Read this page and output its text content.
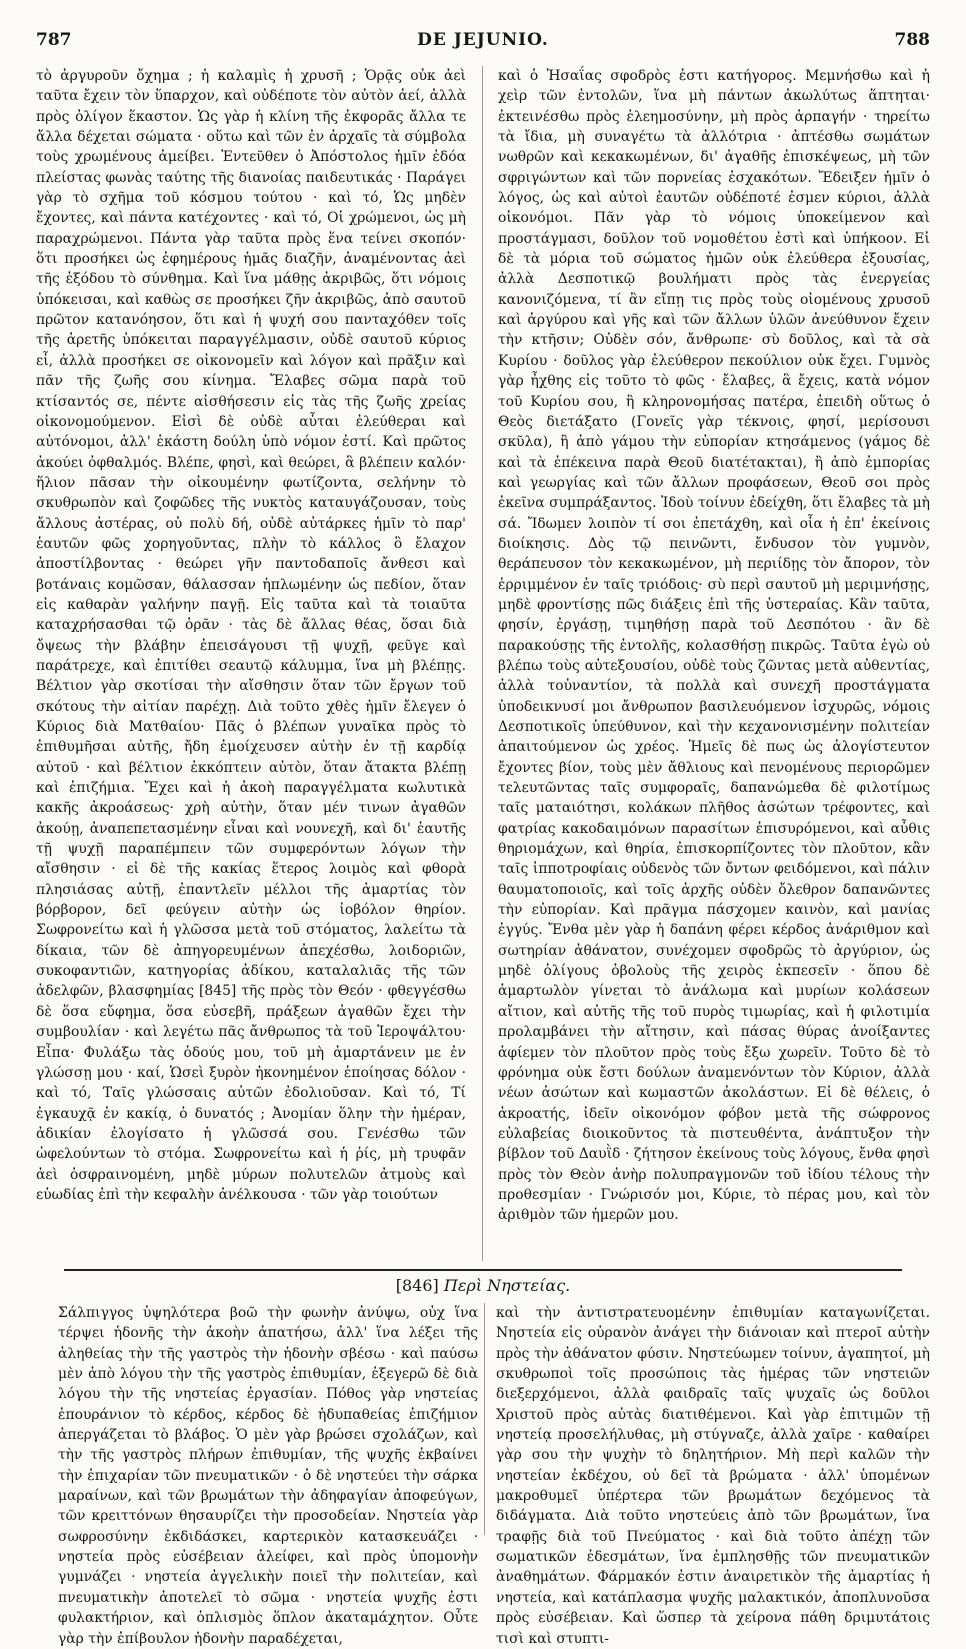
787	DE JEJUNIO.	788

τὸ ἀργυροῦν ὄχημα ; ἡ καλαμὶς ἡ χρυσῆ ; Ὁρᾷς οὐκ ἀεὶ ταῦτα ἔχειν τὸν ὕπαρχον, καὶ οὐδέποτε τὸν αὐτὸν ἀεί, ἀλλὰ πρὸς ὀλίγον ἕκαστον. Ὡς γὰρ ἡ κλίνη τῆς ἐκφορᾶς ἄλλα τε ἄλλα δέχεται σώματα · οὕτω καὶ τῶν ἐν ἀρχαῖς τὰ σύμβολα τοὺς χρωμένους ἀμείβει. Ἐντεῦθεν ὁ Ἀπόστολος ἡμῖν ἐδόα πλείστας φωνὰς ταύτης τῆς διανοίας παιδευτικάς · Παράγει γὰρ τὸ σχῆμα τοῦ κόσμου τούτου · καὶ τό, Ὡς μηδὲν ἔχοντες, καὶ πάντα κατέχοντες · καὶ τό, Οἱ χρώμενοι, ὡς μὴ παραχρώμενοι. Πάντα γὰρ ταῦτα πρὸς ἕνα τείνει σκοπόν· ὅτι προσήκει ὡς ἐφημέρους ἡμᾶς διαζῆν, ἀναμένοντας ἀεὶ τῆς ἐξόδου τὸ σύνθημα. Καὶ ἵνα μάθῃς ἀκριβῶς, ὅτι νόμοις ὑπόκεισαι, καὶ καθὼς σε προσήκει ζῆν ἀκριβῶς, ἀπὸ σαυτοῦ πρῶτον κατανόησον, ὅτι καὶ ἡ ψυχή σου πανταχόθεν τοῖς τῆς ἀρετῆς ὑπόκειται παραγγέλμασιν, οὐδὲ σαυτοῦ κύριος εἶ, ἀλλὰ προσήκει σε οἰκονομεῖν καὶ λόγον καὶ πρᾶξιν καὶ πᾶν τῆς ζωῆς σου κίνημα. Ἔλαβες σῶμα παρὰ τοῦ κτίσαντός σε, πέντε αἰσθήσεσιν εἰς τὰς τῆς ζωῆς χρείας οἰκονομούμενον. Εἰσὶ δὲ οὐδὲ αὗται ἐλεύθεραι καὶ αὐτόνομοι, ἀλλ' ἑκάστη δούλη ὑπὸ νόμον ἐστί. Καὶ πρῶτος ἀκούει ὀφθαλμός. Βλέπε, φησὶ, καὶ θεώρει, ἃ βλέπειν καλόν· ἥλιον πᾶσαν τὴν οἰκουμένην φωτίζοντα, σελήνην τὸ σκυθρωπὸν καὶ ζοφῶδες τῆς νυκτὸς καταυγάζουσαν, τοὺς ἄλλους ἀστέρας, οὐ πολὺ δή, οὐδὲ αὐτάρκες ἡμῖν τὸ παρ' ἑαυτῶν φῶς χορηγοῦντας, πλὴν τὸ κάλλος ὃ ἔλαχον ἀποστίλβοντας · θεώρει γῆν παντοδαποῖς ἄνθεσι καὶ βοτάναις κομῶσαν, θάλασσαν ἡπλωμένην ὡς πεδίον, ὅταν εἰς καθαρὰν γαλήνην παγῇ. Εἰς ταῦτα καὶ τὰ τοιαῦτα καταχρήσασθαι τῷ ὁρᾶν · τὰς δὲ ἄλλας θέας, ὅσαι διὰ ὄψεως τὴν βλάβην ἐπεισάγουσι τῇ ψυχῇ, φεῦγε καὶ παράτρεχε, καὶ ἐπιτίθει σεαυτῷ κάλυμμα, ἵνα μὴ βλέπῃς. Βέλτιον γὰρ σκοτίσαι τὴν αἴσθησιν ὅταν τῶν ἔργων τοῦ σκότους τὴν αἰτίαν παρέχῃ. Διὰ τοῦτο χθὲς ἡμῖν ἔλεγεν ὁ Κύριος διὰ Ματθαίου· Πᾶς ὁ βλέπων γυναῖκα πρὸς τὸ ἐπιθυμῆσαι αὐτῆς, ἤδη ἐμοίχευσεν αὐτὴν ἐν τῇ καρδίᾳ αὐτοῦ · καὶ βέλτιον ἐκκόπτειν αὐτὸν, ὅταν ἄτακτα βλέπῃ καὶ ἐπιζήμια. Ἔχει καὶ ἡ ἀκοὴ παραγγέλματα κωλυτικὰ κακῆς ἀκροάσεως· χρὴ αὐτὴν, ὅταν μέν τινων ἀγαθῶν ἀκούῃ, ἀναπεπετασμένην εἶναι καὶ νουνεχῆ, καὶ δι' ἑαυτῆς τῇ ψυχῇ παραπέμπειν τῶν συμφερόντων λόγων τὴν αἴσθησιν · εἰ δὲ τῆς κακίας ἕτερος λοιμὸς καὶ φθορὰ πλησιάσας αὐτῇ, ἐπαντλεῖν μέλλοι τῆς ἁμαρτίας τὸν βόρβορον, δεῖ φεύγειν αὐτὴν ὡς ἰοβόλον θηρίον. Σωφρονείτω καὶ ἡ γλῶσσα μετὰ τοῦ στόματος, λαλείτω τὰ δίκαια, τῶν δὲ ἀπηγορευμένων ἀπεχέσθω, λοιδοριῶν, συκοφαντιῶν, κατηγορίας ἀδίκου, καταλαλιᾶς τῆς τῶν ἀδελφῶν, βλασφημίας [845] τῆς πρὸς τὸν Θεόν · φθεγγέσθω δὲ ὅσα εὔφημα, ὅσα εὐσεβῆ, πράξεων ἀγαθῶν ἔχει τὴν συμβουλίαν · καὶ λεγέτω πᾶς ἄνθρωπος τὰ τοῦ Ἱεροψάλτου· Εἶπα· Φυλάξω τὰς ὁδούς μου, τοῦ μὴ ἁμαρτάνειν με ἐν γλώσσῃ μου · καί, Ὡσεὶ ξυρὸν ἠκονημένον ἐποίησας δόλον · καὶ τό, Ταῖς γλώσσαις αὐτῶν ἐδολιοῦσαν. Καὶ τό, Τί ἐγκαυχᾷ ἐν κακίᾳ, ὁ δυνατός ; Ἀνομίαν ὅλην τὴν ἡμέραν, ἀδικίαν ἐλογίσατο ἡ γλῶσσά σου. Γενέσθω τῶν ὠφελούντων τὸ στόμα. Σωφρονείτω καὶ ἡ ῥίς, μὴ τρυφᾶν ἀεὶ ὀσφραινομένη, μηδὲ μύρων πολυτελῶν ἀτμοὺς καὶ εὐωδίας ἐπὶ τὴν κεφαλὴν ἀνέλκουσα · τῶν γὰρ τοιούτων

καὶ ὁ Ἠσαΐας σφοδρὸς ἐστι κατήγορος. Μεμνήσθω καὶ ἡ χεὶρ τῶν ἐντολῶν, ἵνα μὴ πάντων ἀκωλύτως ἅπτηται· ἐκτεινέσθω πρὸς ἐλεημοσύνην, μὴ πρὸς ἁρπαγήν · τηρείτω τὰ ἴδια, μὴ συναγέτω τὰ ἀλλότρια · ἀπτέσθω σωμάτων νωθρῶν καὶ κεκακωμένων, δι' ἀγαθῆς ἐπισκέψεως, μὴ τῶν σφριγώντων καὶ τῶν πορνείας ἐσχακότων. Ἔδειξεν ἡμῖν ὁ λόγος, ὡς καὶ αὐτοὶ ἑαυτῶν οὐδέποτέ ἐσμεν κύριοι, ἀλλὰ οἰκονόμοι. Πᾶν γὰρ τὸ νόμοις ὑποκείμενον καὶ προστάγμασι, δοῦλον τοῦ νομοθέτου ἐστὶ καὶ ὑπήκοον. Εἰ δὲ τὰ μόρια τοῦ σώματος ἡμῶν οὐκ ἐλεύθερα ἐξουσίας, ἀλλὰ Δεσποτικῷ βουλήματι πρὸς τὰς ἐνεργείας κανονιζόμενα, τί ἂν εἴπῃ τις πρὸς τοὺς οἰομένους χρυσοῦ καὶ ἀργύρου καὶ γῆς καὶ τῶν ἄλλων ὑλῶν ἀνεύθυνον ἔχειν τὴν κτῆσιν; Οὐδὲν σόν, ἄνθρωπε· σὺ δοῦλος, καὶ τὰ σὰ Κυρίου · δοῦλος γὰρ ἐλεύθερον πεκούλιον οὐκ ἔχει. Γυμνὸς γὰρ ἦχθης εἰς τοῦτο τὸ φῶς · ἔλαβες, ἃ ἔχεις, κατὰ νόμον τοῦ Κυρίου σου, ἢ κληρονομήσας πατέρα, ἐπειδὴ οὕτως ὁ Θεὸς διετάξατο (Γονεῖς γὰρ τέκνοις, φησί, μερίσουσι σκῦλα), ἢ ἀπὸ γάμου τὴν εὐπορίαν κτησάμενος (γάμος δὲ καὶ τὰ ἐπέκεινα παρὰ Θεοῦ διατέτακται), ἢ ἀπὸ ἐμπορίας καὶ γεωργίας καὶ τῶν ἄλλων προφάσεων, Θεοῦ σοι πρὸς ἐκεῖνα συμπράξαντος. Ἰδοὺ τοίνυν ἐδείχθη, ὅτι ἔλαβες τὰ μὴ σά. Ἴδωμεν λοιπὸν τί σοι ἐπετάχθη, καὶ οἷα ἡ ἐπ' ἐκείνοις διοίκησις. Δὸς τῷ πεινῶντι, ἔνδυσον τὸν γυμνὸν, θεράπευσον τὸν κεκακωμένον, μὴ περιίδῃς τὸν ἄπορον, τὸν ἐρριμμένον ἐν ταῖς τριόδοις· σὺ περὶ σαυτοῦ μὴ μεριμνήσῃς, μηδὲ φροντίσῃς πῶς διάξεις ἐπὶ τῆς ὑστεραίας. Κἂν ταῦτα, φησίν, ἐργάσῃ, τιμηθήσῃ παρὰ τοῦ Δεσπότου · ἂν δὲ παρακούσῃς τῆς ἐντολῆς, κολασθήσῃ πικρῶς. Ταῦτα ἐγὼ οὐ βλέπω τοὺς αὐτεξουσίου, οὐδὲ τοὺς ζῶντας μετὰ αὐθεντίας, ἀλλὰ τοὐναντίον, τὰ πολλὰ καὶ συνεχῆ προστάγματα ὑποδεικνυσί μοι ἄνθρωπον βασιλευόμενον ἰσχυρῶς, νόμοις Δεσποτικοῖς ὑπεύθυνον, καὶ τὴν κεχανονισμένην πολιτείαν ἀπαιτούμενον ὡς χρέος. Ἡμεῖς δὲ πως ὡς ἀλογίστευτον ἔχοντες βίον, τοὺς μὲν ἄθλιους καὶ πενομένους περιορῶμεν τελευτῶντας ταῖς συμφοραῖς, δαπανώμεθα δὲ φιλοτίμως ταῖς ματαιότησι, κολάκων πλῆθος ἀσώτων τρέφοντες, καὶ φατρίας κακοδαιμόνων παρασίτων ἐπισυρόμενοι, καὶ αὖθις θηριομάχων, καὶ θηρία, ἐπισκορπίζοντες τὸν πλοῦτον, κἂν ταῖς ἱπποτροφίαις οὐδενὸς τῶν ὄντων φειδόμενοι, καὶ πάλιν θαυματοποιοῖς, καὶ τοῖς ἀρχῆς οὐδὲν ὄλεθρον δαπανῶντες τὴν εὐπορίαν. Καὶ πρᾶγμα πάσχομεν καινὸν, καὶ μανίας ἐγγύς. Ἔνθα μὲν γὰρ ἡ δαπάνη φέρει κέρδος ἀνάριθμον καὶ σωτηρίαν ἀθάνατον, συνέχομεν σφοδρῶς τὸ ἀργύριον, ὡς μηδὲ ὀλίγους ὀβολοὺς τῆς χειρὸς ἐκπεσεῖν · ὅπου δὲ ἁμαρτωλὸν γίνεται τὸ ἀνάλωμα καὶ μυρίων κολάσεων αἴτιον, καὶ αὐτῆς τῆς τοῦ πυρὸς τιμωρίας, καὶ ἡ φιλοτιμία προλαμβάνει τὴν αἴτησιν, καὶ πάσας θύρας ἀνοίξαντες ἀφίεμεν τὸν πλοῦτον πρὸς τοὺς ἔξω χωρεῖν. Τοῦτο δὲ τὸ φρόνημα οὐκ ἔστι δούλων ἀναμενόντων τὸν Κύριον, ἀλλὰ νέων ἀσώτων καὶ κωμαστῶν ἀκολάστων. Εἰ δὲ θέλεις, ὁ ἀκροατής, ἰδεῖν οἰκονόμον φόβον μετὰ τῆς σώφρονος εὐλαβείας διοικοῦντος τὰ πιστευθέντα, ἀνάπτυξον τὴν βίβλον τοῦ Δαυῒδ · ζήτησον ἐκείνους τοὺς λόγους, ἔνθα φησὶ πρὸς τὸν Θεὸν ἀνὴρ πολυπραγμονῶν τοῦ ἰδίου τέλους τὴν προθεσμίαν · Γνώρισόν μοι, Κύριε, τὸ πέρας μου, καὶ τὸν ἀριθμὸν τῶν ἡμερῶν μου.

[846] Περὶ Νηστείας.

Σάλπιγγος ὑψηλότερα βοῶ τὴν φωνὴν ἀνύψω, οὐχ ἵνα τέρψει ἡδονῆς τὴν ἀκοὴν ἀπατήσω, ἀλλ' ἵνα λέξει τῆς ἀληθείας τὴν τῆς γαστρὸς τὴν ἡδονὴν σβέσω · καὶ παύσω μὲν ἀπὸ λόγου τὴν τῆς γαστρὸς ἐπιθυμίαν, ἐξεγερῶ δὲ διὰ λόγου τὴν τῆς νηστείας ἐργασίαν. Πόθος γὰρ νηστείας ἐπουράνιον τὸ κέρδος, κέρδος δὲ ἡδυπαθείας ἐπιζήμιον ἀπεργάζεται τὸ βλάβος. Ὁ μὲν γὰρ βρώσει σχολάζων, καὶ τὴν τῆς γαστρὸς πλήρων ἐπιθυμίαν, τῆς ψυχῆς ἐκβαίνει τὴν ἐπιχαρίαν τῶν πνευματικῶν · ὁ δὲ νηστεύει τὴν σάρκα μαραίνων, καὶ τῶν βρωμάτων τὴν ἀδηφαγίαν ἀποφεύγων, τῶν κρειττόνων θησαυρίζει τὴν προσοδείαν. Νηστεία γὰρ σωφροσύνην ἐκδιδάσκει, καρτερικὸν κατασκευάζει · νηστεία πρὸς εὐσέβειαν ἀλείφει, καὶ πρὸς ὑπομονὴν γυμνάζει · νηστεία ἀγγελικὴν ποιεῖ τὴν πολιτείαν, καὶ πνευματικὴν ἀποτελεῖ τὸ σῶμα · νηστεία ψυχῆς ἐστι φυλακτήριον, καὶ ὁπλισμὸς ὅπλον ἀκαταμάχητον. Οὗτε γὰρ τὴν ἐπίβουλον ἡδονὴν παραδέχεται,

καὶ τὴν ἀντιστρατευομένην ἐπιθυμίαν καταγωνίζεται. Νηστεία εἰς οὐρανὸν ἀνάγει τὴν διάνοιαν καὶ πτεροῖ αὐτὴν πρὸς τὴν ἀθάνατον φύσιν. Νηστεύωμεν τοίνυν, ἀγαπητοί, μὴ σκυθρωποὶ τοῖς προσώποις τὰς ἡμέρας τῶν νηστειῶν διεξερχόμενοι, ἀλλὰ φαιδραῖς ταῖς ψυχαῖς ὡς δοῦλοι Χριστοῦ πρὸς αὐτὰς διατιθέμενοι. Καὶ γὰρ ἐπιτιμῶν τῇ νηστείᾳ προσελήλυθας, μὴ στύγναζε, ἀλλὰ χαῖρε · καθαίρει γὰρ σου τὴν ψυχὴν τὸ δηλητήριον. Μὴ περὶ καλῶν τὴν νηστείαν ἐκδέχου, οὐ δεῖ τὰ βρώματα · ἀλλ' ὑπομένων μακροθυμεῖ ὑπέρτερα τῶν βρωμάτων δεχόμενος τὰ διδάγματα. Διὰ τοῦτο νηστεύεις ἀπὸ τῶν βρωμάτων, ἵνα τραφῇς διὰ τοῦ Πνεύματος · καὶ διὰ τοῦτο ἀπέχῃ τῶν σωματικῶν ἐδεσμάτων, ἵνα ἐμπλησθῇς τῶν πνευματικῶν ἀναθημάτων. Φάρμακόν ἐστιν ἀναιρετικὸν τῆς ἁμαρτίας ἡ νηστεία, καὶ κατάπλασμα ψυχῆς μαλακτικόν, ἀποπλυνοῦσα πρὸς εὐσέβειαν. Καὶ ὥσπερ τὰ χείρονα πάθη δριμυτάτοις τισὶ καὶ στυπτι-
